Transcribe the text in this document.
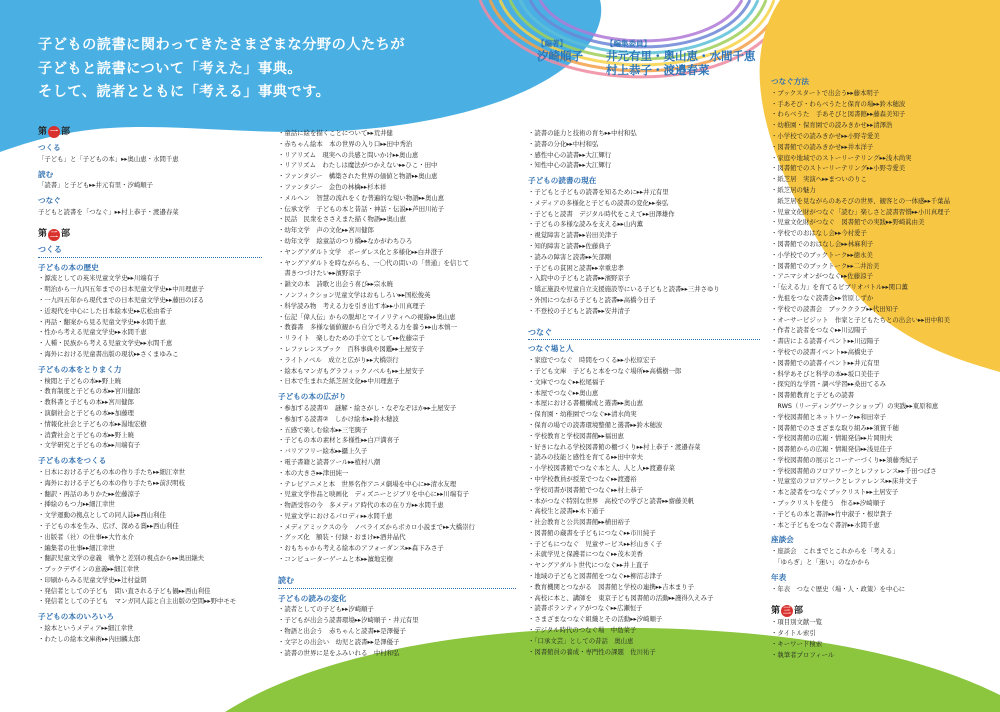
子どもの読書に関わってきたさまざまな分野の人たちが
子どもと読書について「考えた」事典。
そして、読者とともに「考える」事典です。
【編著】
汐崎順子
【編集委員】
井元有里・奥山恵・水間千恵
村上恭子・渡邉春菜
第 一 部
つくる
「子ども」と「子どもの本」▸▸奥山恵・水間千恵
読む
「読書」と子ども▸▸井元有里・汐崎順子
つなぐ
子どもと読書を「つなぐ」▸▸村上恭子・渡邉春菜
第 二 部
つくる
子どもの本の歴史
・源流としての英米児童文学史▸▸川端有子
・明治から一九四五年までの日本児童文学史▸▸中川理恵子
・一九四五年から現代までの日本児童文学史▸▸藤田のぼる
・近現代を中心にした日本絵本史▸▸広松由希子
・再話・翻案から見る児童文学史▸▸水間千恵
・性から考える児童文学史▸▸水間千恵
・人種・民族から考える児童文学史▸▸水間千恵
・海外における児童書出版の現状▸▸さくまゆみこ
子どもの本をとりまく力
・検閲と子どもの本▸▸野上暁
・教育制度と子どもの本▸▸宮川健郎
・教科書と子どもの本▸▸宮川健郎
・演劇社会と子どもの本▸▸加藤理
・情報化社会と子どもの本▸▸湯地宏樹
・消費社会と子どもの本▸▸野上暁
・文学研究と子どもの本▸▸川端有子
子どもの本をつくる
・日本における子どもの本の作り手たち▸▸細江幸世
・海外における子どもの本の作り手たち▸▸前沢明枝
・翻訳・再話のありかた▸▸佐藤涼子
・挿絵のもつ力▸▸細江幸世
・文学運動の拠点としての同人誌▸▸西山利佳
・子どもの本を生み、広げ、深める賞▸▸西山利佳
・出版者（社）の仕事▸▸大竹永介
・編集者の仕事▸▸細江幸世
・翻訳児童文学の意義　戦争と差別の視点から▸▸奥田継夫
・ブックデザインの意義▸▸細江幸世
・印刷からみる児童文学史▸▸辻村益朗
・発信者としての子ども　問い直される子ども観▸▸西山利佳
・発信者としての子ども　マンガ同人誌と自主出版の空間▸▸野中モモ
子どもの本のいろいろ
・絵本というメディア▸▸細江幸世
・わたしの絵本文庫術▸▸内田麟太郎
・童話に絵を描くことについて▸▸荒井健
・赤ちゃん絵本　本の世界の入り口▸▸田中秀治
・リアリズム　現実への共感と問いかけ▸▸奥山恵
・リアリズム　わたしは魔法がつかえない▸▸ひこ・田中
・ファンタジー　構築された世界の価値と物語▸▸奥山恵
・ファンタジー　金色の林檎▸▸杉本祥
・メルヘン　智慧の流れをくむ普遍的な短い物語▸▸奥山恵
・伝承文学　子どもの本と昔話・神話・伝説▸▸芦田川祐子
・民話　民衆をささえまた描く物語▸▸奥山恵
・幼年文学　声の文化▸▸宮川健郎
・幼年文学　絵童話のつり橋▸▸なかがわちひろ
・ヤングアダルト文学　ボーダレス化と多様化▸▸白井澄子
・ヤングアダルトを時ながらも、一〇代の問いの「普通」を信じて
　書きつづけたい▸▸濱野京子
・韻文の本　詩歌と出会う喜び▸▸宗永暁
・ノンフィクション児童文学はおもしろい▸▸国松俊英
・科学読み物　考える力を引き出す本▸▸小川真理子
・伝記「偉人伝」からの脱却とマイノリティへの視線▸▸奥山恵
・教養書　多様な価値観から自分で考える力を養う▸▸山本慎一
・リライト　楽しむための手立てとして▸▸佐藤宗子
・レファレンスブック　百科事典や図鑑▸▸土屋安子
・ライトノベル　成立と広がり▸▸大橋崇行
・絵本もマンガもグラフィックノベルも▸▸土屋安子
・日本で生まれた紙芝居文化▸▸中川理恵子
子どもの本の広がり
・参加する読書①　謎解・絵さがし・なぞなぞほか▸▸土屋安子
・参加する読書②　しかけ絵本▸▸鈴木穂波
・五感で楽しむ絵本▸▸三宅興子
・子どもの本の素材と多様性▸▸白戸満喜子
・バリアフリー絵本▸▸攝上久子
・電子書籍と読書ツール▸▸植村八潮
・本の大きさ▸▸津田純一
・テレビアニメと本　世界名作アニメ劇場を中心に▸▸清水友理
・児童文学作品と映画化　ディズニーとジブリを中心に▸▸川端有子
・物語受容の今　多メディア時代の本の在り方▸▸水間千恵
・児童文学におけるパロディ▸▸水間千恵
・メディアミックスの今　ノベライズからボカロ小説まで▸▸大橋崇行
・グッズ化　額装・付録・おまけ▸▸酒井晶代
・おもちゃから考える絵本のアフォーダンス▸▸森下みさ子
・コンピューターゲームと本▸▸濵地宏樹
読む
子どもの読みの変化
・読者としての子ども▸▸汐崎順子
・子どもが出会う読書環境▸▸汐崎順子・井元有里
・物語と出会う　赤ちゃんと読書▸▸是澤優子
・文字との出会い　幼児と読書▸▸是澤優子
・読書の世界に足をふみいれる　中村和弘
・読書の能力と技術の育ち▸▸中村和弘
・読書の分化▸▸中村和弘
・感性中心の読書▸▸大江輝行
・知性中心の読書▸▸大江輝行
子どもの読書の現在
・子どもと子どもの読書を知るために▸▸井元有里
・メディアの多様化と子どもの読書の変化▸▸秦弘
・子どもと読書　デジタル時代をこえて▸▸田澤雄作
・子どもの多様な読みを支える▸▸山内薫
・視覚障害と読書▸▸岩田美津子
・知的障害と読書▸▸佐藤典子
・読みの障害と読書▸▸矢部剛
・子どもの貧困と読書▸▸幸重忠孝
・入院中の子どもと読書▸▸濱野京子
・矯正施設や児童自立支援施設等にいる子どもと読書▸▸三井さゆり
・外国につながる子どもと読書▸▸高橋今日子
・不登校の子どもと読書▸▸安井清子
つなぐ
つなぐ場と人
・家庭でつなぐ　時間をつくる▸▸小松原宏子
・子ども文庫　子どもと本をつなぐ場所▸▸高橋樹一郎
・文庫でつなぐ▸▸松尾福子
・本屋でつなぐ▸▸奥山恵
・本屋における書棚構成と選書▸▸奥山恵
・保育園・幼稚園でつなぐ▸▸清水尚実
・保育の場での読書環境整備と選書▸▸鈴木穂波
・学校教育と学校図書館▸▸福田恵
・好きになれる学校図書館の棚づくり▸▸村上恭子・渡邉春菜
・読みの技能と感性を育てる▸▸田中幸夫
・小学校図書館でつなぐ本と人、人と人▸▸渡邉春菜
・中学校教員が授業でつなぐ▸▸渡邊裕
・学校司書が図書館でつなぐ▸▸村上恭子
・本がつなぐ特別な世界　高校での学びと読書▸▸齋藤美帆
・高校生と読書▸▸木下通子
・社会教育と公共図書館▸▸横田裕子
・図書館の蔵書を子どもにつなぐ▸▸市川純子
・子どもにつなぐ　児童サービス▸▸杉山きく子
・未就学児と保護者につなぐ▸▸茂木美香
・ヤングアダルト世代につなぐ▸▸井上直子
・地域の子どもと図書館をつなぐ▸▸柳沼志津子
・教育機関とつながる　図書館と学校の連携▸▸吉本まり子
・高校に本と、講師を　東京子ども図書館の活動▸▸護得久えみ子
・読書ボランティアがつなぐ▸▸広瀬恒子
・さまざまなつなぐ組織とその活動▸▸汐崎順子
・デジタル時代のつなぐ場　中島菜子
・「口承文芸」としての昔話　奥山恵
・図書館員の養成・専門性の課題　佐川祐子
つなぐ方法
・ブックスタートで出会う▸▸藤本明子
・手あそび・わらべうたと保育の場▸▸鈴木穂波
・わらべうた　手あそびと図書館▸▸藤森美知子
・幼稚園・保育園での読みきかせ▸▸清澤浩
・小学校での読みきかせ▸▸小野寺愛美
・図書館での読みきかせ▸▸井本洋子
・家庭や地域でのストーリーテリング▸▸浅木尚実
・図書館でのストーリーテリング▸▸小野寺愛美
・紙芝居　実演へ▸▸まついのりこ
・紙芝居の魅力
　紙芝居を見ながらのあそびの世界、観客との一体感▸▸千葉晶
・児童文化財がつなぐ「読む」楽しさと読書習慣▸▸小川真理子
・児童文化財がつなぐ　図書館での実践▸▸野崎眞由美
・学校でのおはなし会▸▸今村愛子
・図書館でのおはなし会▸▸林麻利子
・小学校でのブックトーク▸▸徳永美
・図書館でのブックトーク▸▸二井治美
・アニマシオンがつなぐ▸▸佐藤涼子
・「伝える力」を育てるビブリオバトル▸▸関口薫
・先祖をつなぐ読書会▸▸菅原しずか
・学校での読書会　ブッククラブ▸▸代田知子
・オーサービジット　作家と子どもたちとの出会い▸▸田中和美
・作者と読者をつなぐ▸▸川辺陽子
・書店による読書イベント▸▸川辺陽子
・学校での読書イベント▸▸高橋史子
・図書館での読書イベント▸▸井元有里
・科学あそびと科学の本▸▸坂口美佳子
・探究的な学習・調べ学習▸▸桑田てるみ
・図書館教育と子どもの読書
　RWS（リーディングワークショップ）の実践▸▸東原和恵
・学校図書館とネットワーク▸▸和田幸子
・図書館でのさまざまな取り組み▸▸須賀千穂
・学校図書館の広報・情報発信▸▸片岡則夫
・図書館からの広報・情報発信▸▸浅見佳子
・学校図書館の展示とコーナーづくり▸▸須藤秀紀子
・学校図書館のフロアワークとレファレンス▸▸千田つばさ
・児童室のフロアワークとレファレンス▸▸床井文子
・本と読者をつなぐブックリスト▸▸土居安子
・ブックリストを使う　作る▸▸汐崎順子
・子どもの本と書評▸▸竹中淑子・根岸貴子
・本と子どもをつなぐ書評▸▸水間千恵
座談会
・座談会　これまでとこれからを「考える」
　「ゆらぎ」と「迷い」のなかから
年表
・年表　つなぐ歴史（場・人・政策）を中心に
第 三 部
・項目別文献一覧
・タイトル索引
・キーワード検索
・執筆者プロフィール
